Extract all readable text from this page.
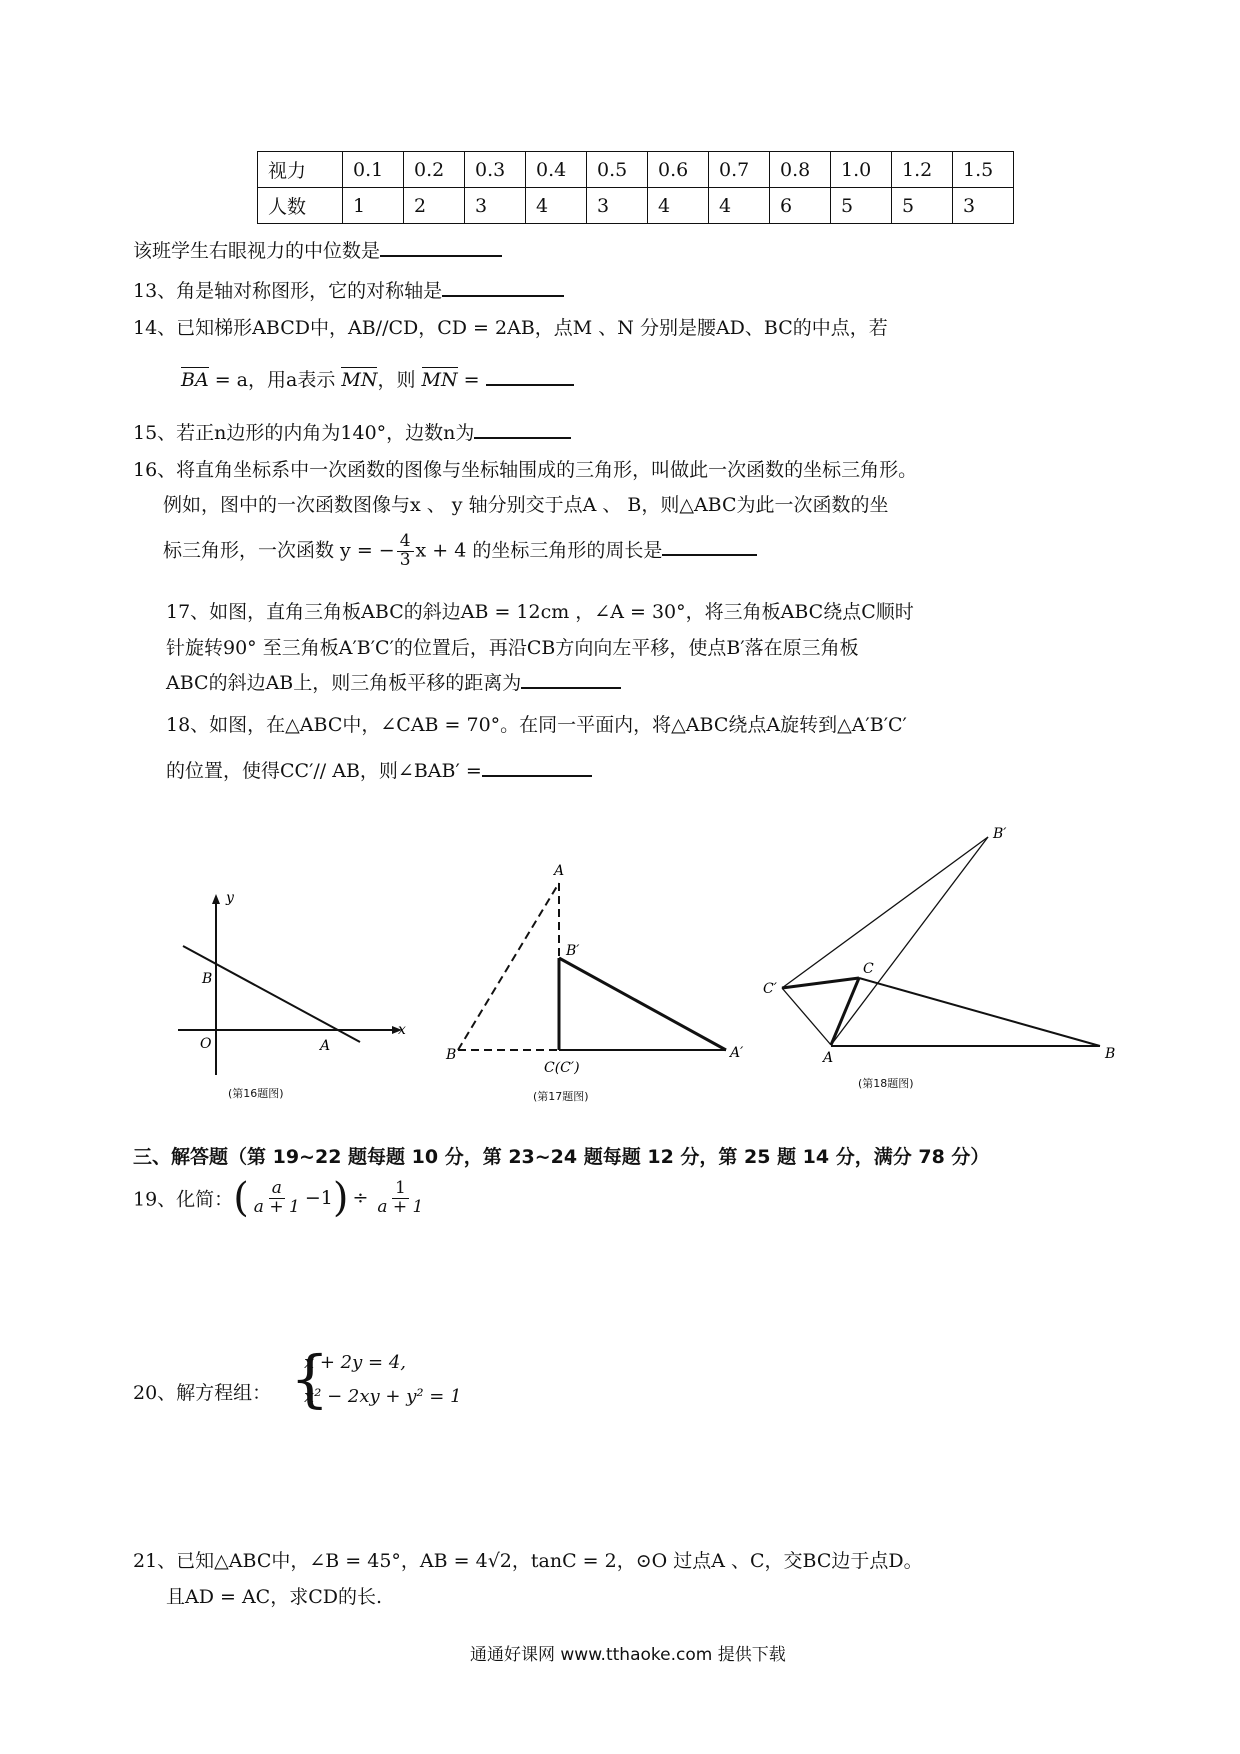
视力	0.1	0.2	0.3	0.4	0.5	0.6	0.7	0.8	1.0	1.2	1.5
人数	1	2	3	4	3	4	4	6	5	5	3
该班学生右眼视力的中位数是
13、角是轴对称图形，它的对称轴是
14、已知梯形ABCD中，AB//CD，CD = 2AB，点M 、N 分别是腰AD、BC的中点，若
BA = a，用a表示 MN，则 MN =
15、若正n边形的内角为140°，边数n为
16、将直角坐标系中一次函数的图像与坐标轴围成的三角形，叫做此一次函数的坐标三角形。
例如，图中的一次函数图像与x 、 y 轴分别交于点A 、 B，则△ABC为此一次函数的坐
标三角形，一次函数 y = − $\frac{4}{3}$ x + 4 的坐标三角形的周长是
17、如图，直角三角板ABC的斜边AB = 12cm ，∠A = 30°，将三角板ABC绕点C顺时
针旋转90° 至三角板A′B′C′的位置后，再沿CB方向向左平移，使点B′落在原三角板
ABC的斜边AB上，则三角板平移的距离为
18、如图，在△ABC中，∠CAB = 70°。在同一平面内，将△ABC绕点A旋转到△A′B′C′
的位置，使得CC′// AB，则∠BAB′ =
y
x
B
O	A
(第16题图)
A
B′
B
C(C′)
A′
(第17题图)
B′
C
C′
A	B
(第18题图)
三、解答题（第 19~22 题每题 10 分，第 23~24 题每题 12 分，第 25 题 14 分，满分 78 分）
19、化简：( $\frac{a}{a + 1} -1) \div \frac{1}{a + 1}$
20、解方程组： {
x + 2y = 4,
x² − 2xy + y² = 1
21、已知△ABC中，∠B = 45°，AB = 4√2，tanC = 2，⊙O 过点A 、C，交BC边于点D。
且AD = AC，求CD的长.
通通好课网 www.tthaoke.com 提供下载
